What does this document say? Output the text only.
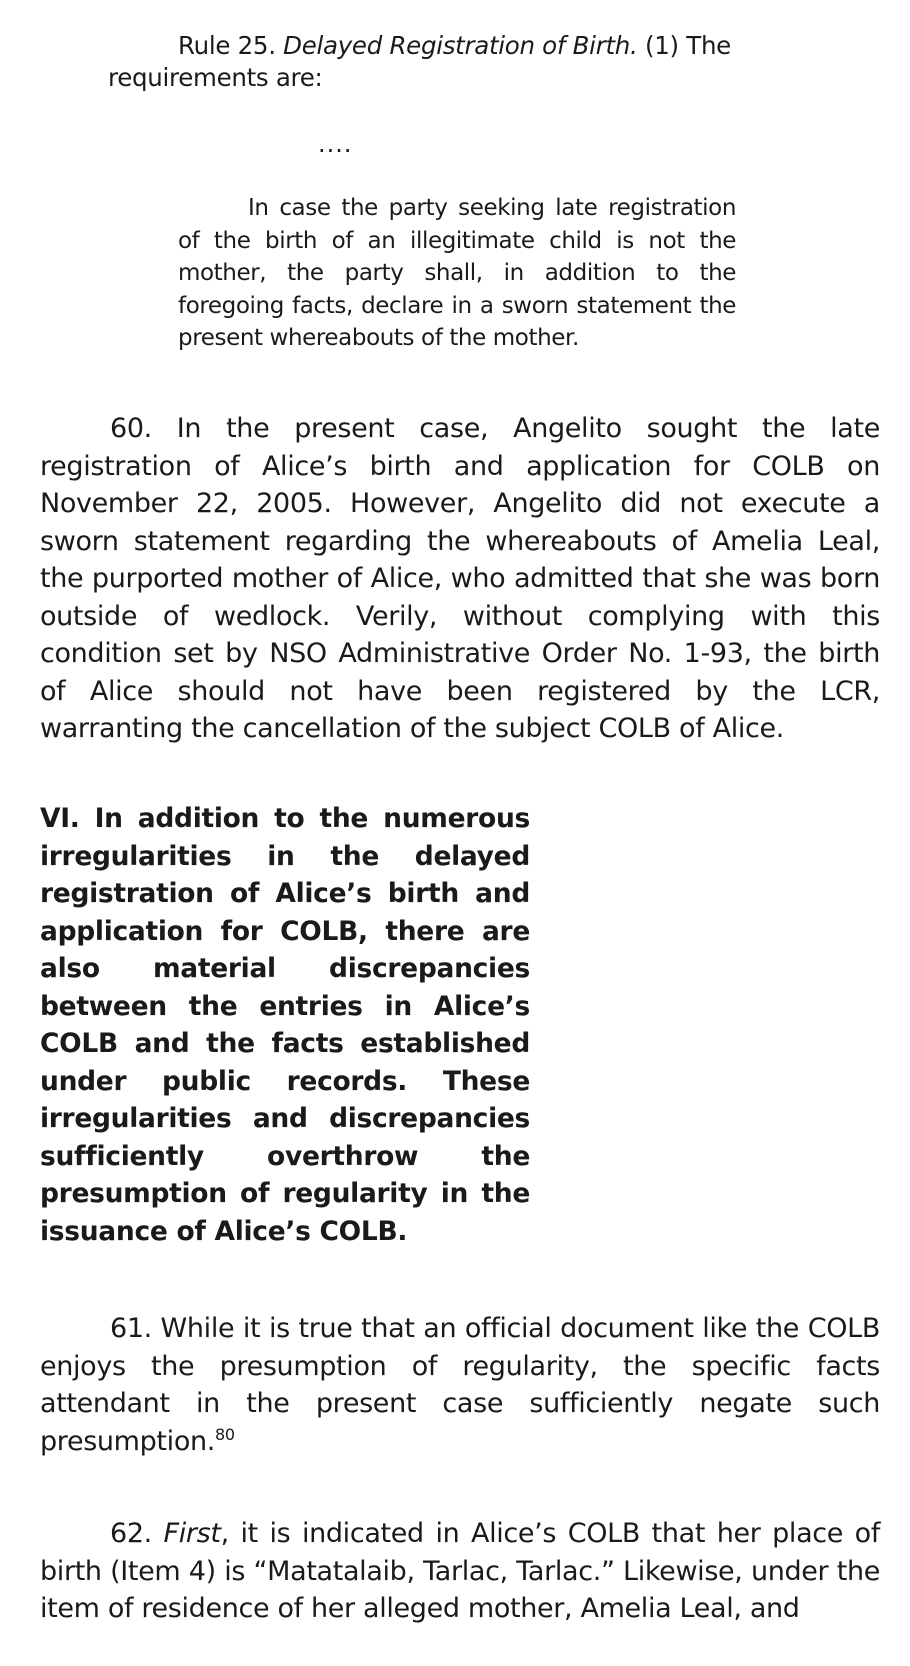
Rule 25. Delayed Registration of Birth. (1) The requirements are:

....

In case the party seeking late registration of the birth of an illegitimate child is not the mother, the party shall, in addition to the foregoing facts, declare in a sworn statement the present whereabouts of the mother.

60. In the present case, Angelito sought the late registration of Alice’s birth and application for COLB on November 22, 2005. However, Angelito did not execute a sworn statement regarding the whereabouts of Amelia Leal, the purported mother of Alice, who admitted that she was born outside of wedlock. Verily, without complying with this condition set by NSO Administrative Order No. 1-93, the birth of Alice should not have been registered by the LCR, warranting the cancellation of the subject COLB of Alice.

VI. In addition to the numerous irregularities in the delayed registration of Alice’s birth and application for COLB, there are also material discrepancies between the entries in Alice’s COLB and the facts established under public records. These irregularities and discrepancies sufficiently overthrow the presumption of regularity in the issuance of Alice’s COLB.

61. While it is true that an official document like the COLB enjoys the presumption of regularity, the specific facts attendant in the present case sufficiently negate such presumption.$^{80}$

62. First, it is indicated in Alice’s COLB that her place of birth (Item 4) is “Matatalaib, Tarlac, Tarlac.” Likewise, under the item of residence of her alleged mother, Amelia Leal, and
